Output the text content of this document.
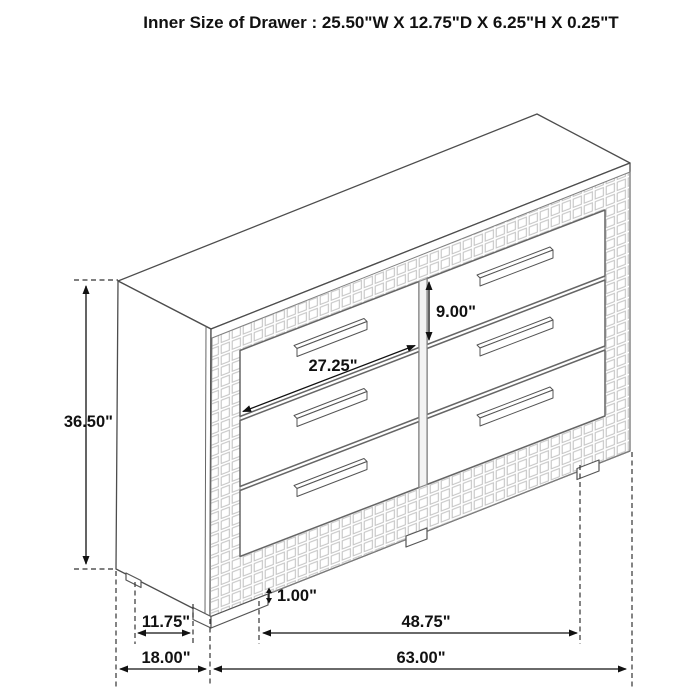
36.50"
27.25"
9.00"
1.00"
11.75"
18.00"
48.75"
63.00"
Inner Size of Drawer : 25.50"W X 12.75"D X 6.25"H X 0.25"T
